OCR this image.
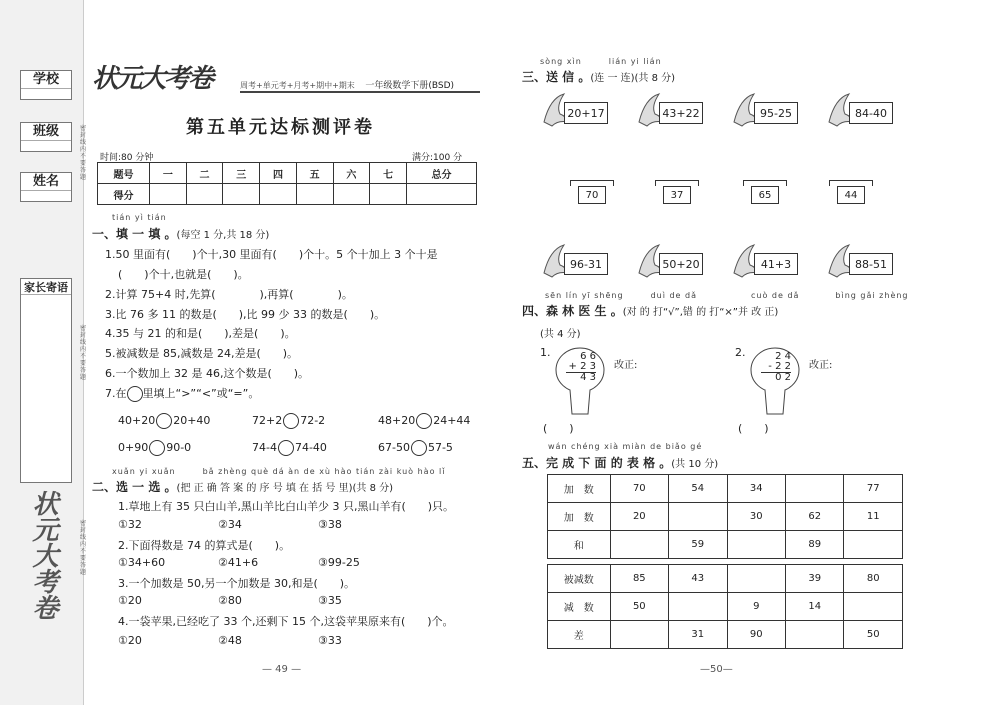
学校
班级
姓名
家长寄语
密封线内不要答题
密封线内不要答题
密封线内不要答题
状元大考卷
状元大考卷	周考+单元考+月考+期中+期末 一年级数学下册(BSD)
第五单元达标测评卷
时间:80 分钟	满分:100 分
题号	一	二	三	四	五	六	七	总分
得分								
tián yì tián
一、填 一 填 。(每空 1 分,共 18 分)
1.50 里面有(　　)个十,30 里面有(　　)个十。5 个十加上 3 个十是
(　　)个十,也就是(　　)。
2.计算 75+4 时,先算(　　　　),再算(　　　　)。
3.比 76 多 11 的数是(　　),比 99 少 33 的数是(　　)。
4.35 与 21 的和是(　　),差是(　　)。
5.被减数是 85,减数是 24,差是(　　)。
6.一个数加上 32 是 46,这个数是(　　)。
7.在 里填上“>”“<”或“=”。
40+20 20+40	72+2 72-2	48+20 24+44
0+90 90-0	74-4 74-40	67-50 57-5
xuǎn yi xuǎn　　　bǎ zhèng què dá àn de xù hào tián zài kuò hào lǐ
二、选 一 选 。(把 正 确 答 案 的 序 号 填 在 括 号 里)(共 8 分)
1.草地上有 35 只白山羊,黑山羊比白山羊少 3 只,黑山羊有(　　)只。
2.下面得数是 74 的算式是(　　)。
3.一个加数是 50,另一个加数是 30,和是(　　)。
4.一袋苹果,已经吃了 33 个,还剩下 15 个,这袋苹果原来有(　　)个。
①32	②34	③38
①34+60	②41+6	③99-25
①20	②80	③35
①20	②48	③33
— 49 —
sòng xìn　　　lián yi lián
三、送 信 。(连 一 连)(共 8 分)
20+17	43+22	95-25	84-40
96-31	50+20	41+3	88-51
70	37	65	44
sēn lín yī shēng　　　duì de dǎ　　　　　　cuò de dǎ　　　　bìng gǎi zhèng
四、森 林 医 生 。(对 的 打“√”,错 的 打“×”并 改 正)
(共 4 分)
1.	6 6
+ 2 3
4 3
改正:
(　　)
2.	2 4
- 2 2
0 2
改正:
(　　)
wán chéng xià miàn de biǎo gé
五、完 成 下 面 的 表 格 。(共 10 分)
加　数	70	54	34		77
加　数	20		30	62	11
和		59		89	
被减数	85	43		39	80
减　数	50		9	14	
差		31	90		50
—50—
